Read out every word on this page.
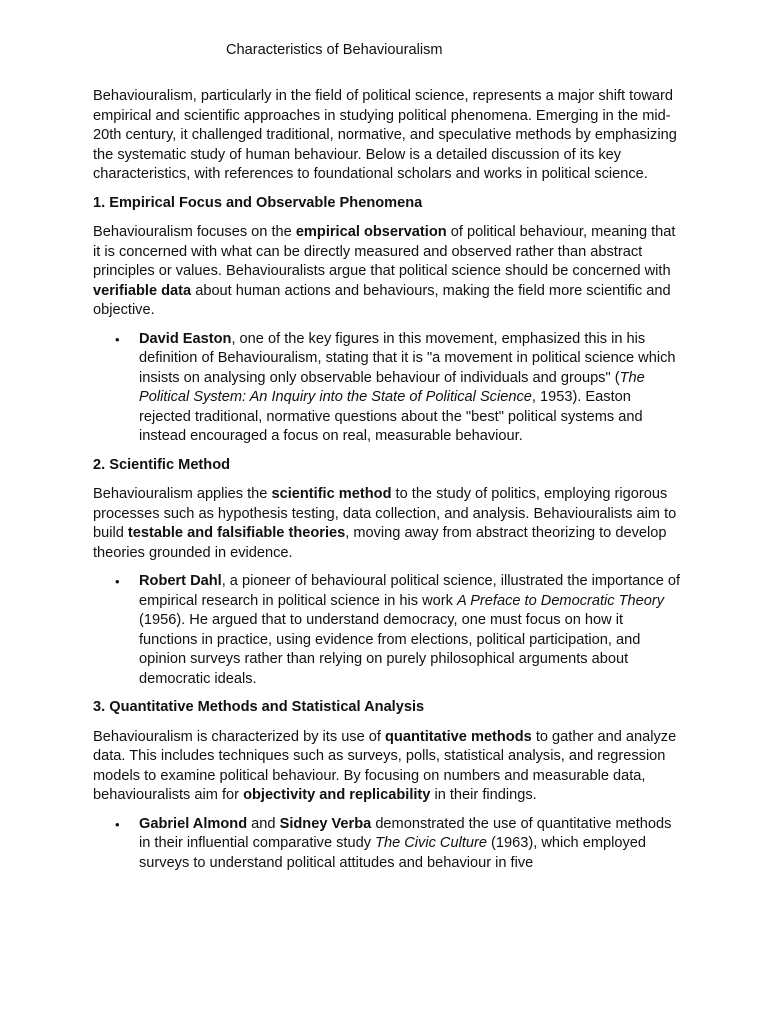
Characteristics of Behaviouralism

Behaviouralism, particularly in the field of political science, represents a major shift toward empirical and scientific approaches in studying political phenomena. Emerging in the mid-20th century, it challenged traditional, normative, and speculative methods by emphasizing the systematic study of human behaviour. Below is a detailed discussion of its key characteristics, with references to foundational scholars and works in political science.

1. Empirical Focus and Observable Phenomena

Behaviouralism focuses on the empirical observation of political behaviour, meaning that it is concerned with what can be directly measured and observed rather than abstract principles or values. Behaviouralists argue that political science should be concerned with verifiable data about human actions and behaviours, making the field more scientific and objective.

• David Easton, one of the key figures in this movement, emphasized this in his definition of Behaviouralism, stating that it is "a movement in political science which insists on analysing only observable behaviour of individuals and groups" (The Political System: An Inquiry into the State of Political Science, 1953). Easton rejected traditional, normative questions about the "best" political systems and instead encouraged a focus on real, measurable behaviour.
2. Scientific Method

Behaviouralism applies the scientific method to the study of politics, employing rigorous processes such as hypothesis testing, data collection, and analysis. Behaviouralists aim to build testable and falsifiable theories, moving away from abstract theorizing to develop theories grounded in evidence.

• Robert Dahl, a pioneer of behavioural political science, illustrated the importance of empirical research in political science in his work A Preface to Democratic Theory (1956). He argued that to understand democracy, one must focus on how it functions in practice, using evidence from elections, political participation, and opinion surveys rather than relying on purely philosophical arguments about democratic ideals.
3. Quantitative Methods and Statistical Analysis

Behaviouralism is characterized by its use of quantitative methods to gather and analyze data. This includes techniques such as surveys, polls, statistical analysis, and regression models to examine political behaviour. By focusing on numbers and measurable data, behaviouralists aim for objectivity and replicability in their findings.

• Gabriel Almond and Sidney Verba demonstrated the use of quantitative methods in their influential comparative study The Civic Culture (1963), which employed surveys to understand political attitudes and behaviour in five
